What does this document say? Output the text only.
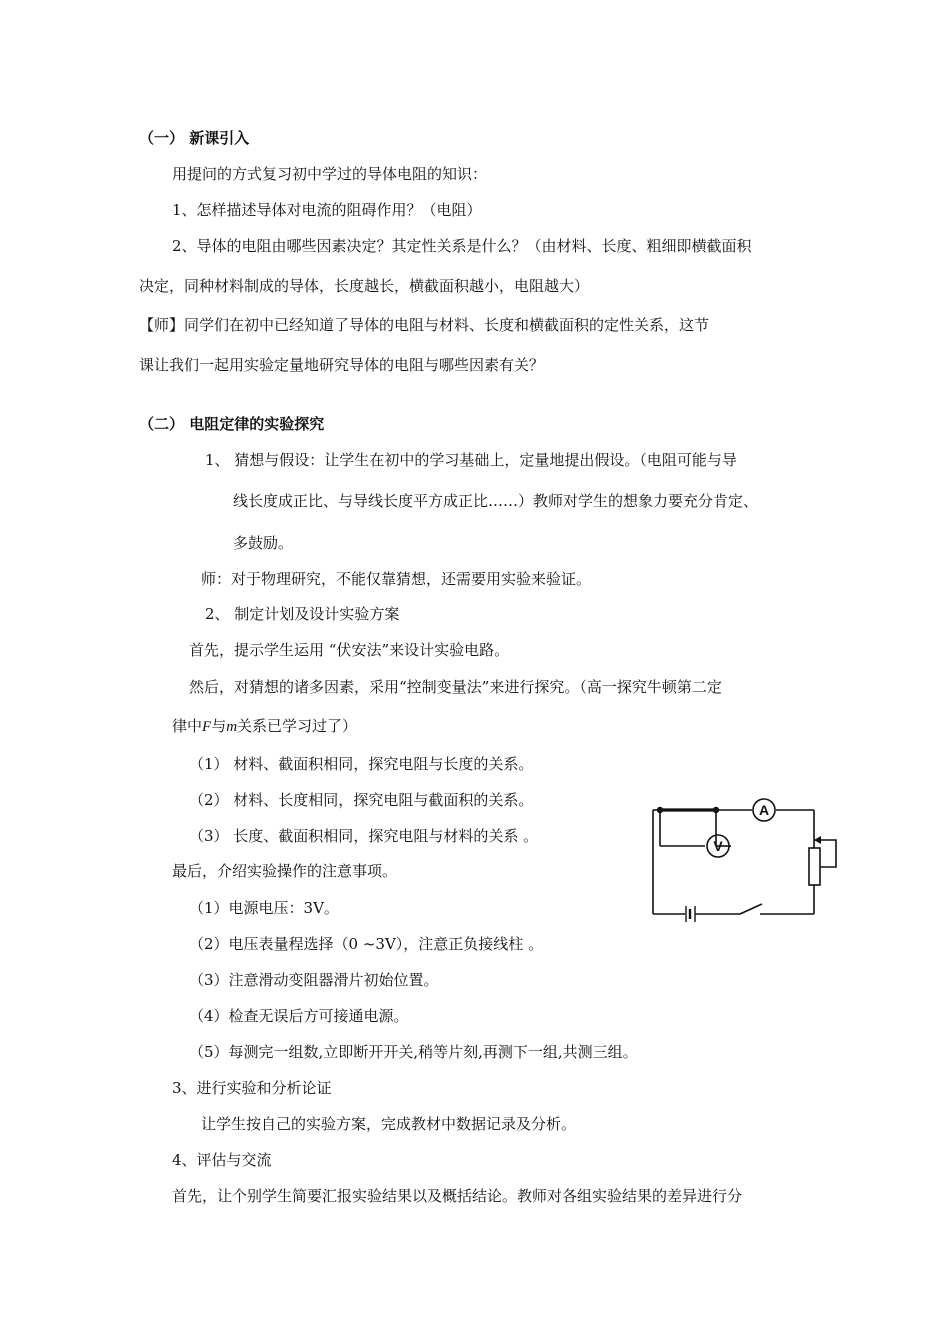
（一） 新课引入
用提问的方式复习初中学过的导体电阻的知识：
1、怎样描述导体对电流的阻碍作用？（电阻）
2、导体的电阻由哪些因素决定？其定性关系是什么？（由材料、长度、粗细即横截面积
决定，同种材料制成的导体，长度越长，横截面积越小，电阻越大）
【师】同学们在初中已经知道了导体的电阻与材料、长度和横截面积的定性关系，这节
课让我们一起用实验定量地研究导体的电阻与哪些因素有关？
（二） 电阻定律的实验探究
1、 猜想与假设：让学生在初中的学习基础上，定量地提出假设。（电阻可能与导
线长度成正比、与导线长度平方成正比……）教师对学生的想象力要充分肯定、
多鼓励。
师：对于物理研究，不能仅靠猜想，还需要用实验来验证。
2、 制定计划及设计实验方案
首先，提示学生运用 “伏安法”来设计实验电路。
然后，对猜想的诸多因素，采用“控制变量法”来进行探究。（高一探究牛顿第二定
律中F与m关系已学习过了）
（1） 材料、截面积相同，探究电阻与长度的关系。
（2） 材料、长度相同，探究电阻与截面积的关系。
（3） 长度、截面积相同，探究电阻与材料的关系 。
最后，介绍实验操作的注意事项。
（1）电源电压：3V。
（2）电压表量程选择（0 ~3V），注意正负接线柱 。
（3）注意滑动变阻器滑片初始位置。
（4）检查无误后方可接通电源。
（5）每测完一组数,立即断开开关,稍等片刻,再测下一组,共测三组。
3、进行实验和分析论证
让学生按自己的实验方案，完成教材中数据记录及分析。
4、评估与交流
首先，让个别学生简要汇报实验结果以及概括结论。教师对各组实验结果的差异进行分
A
V
